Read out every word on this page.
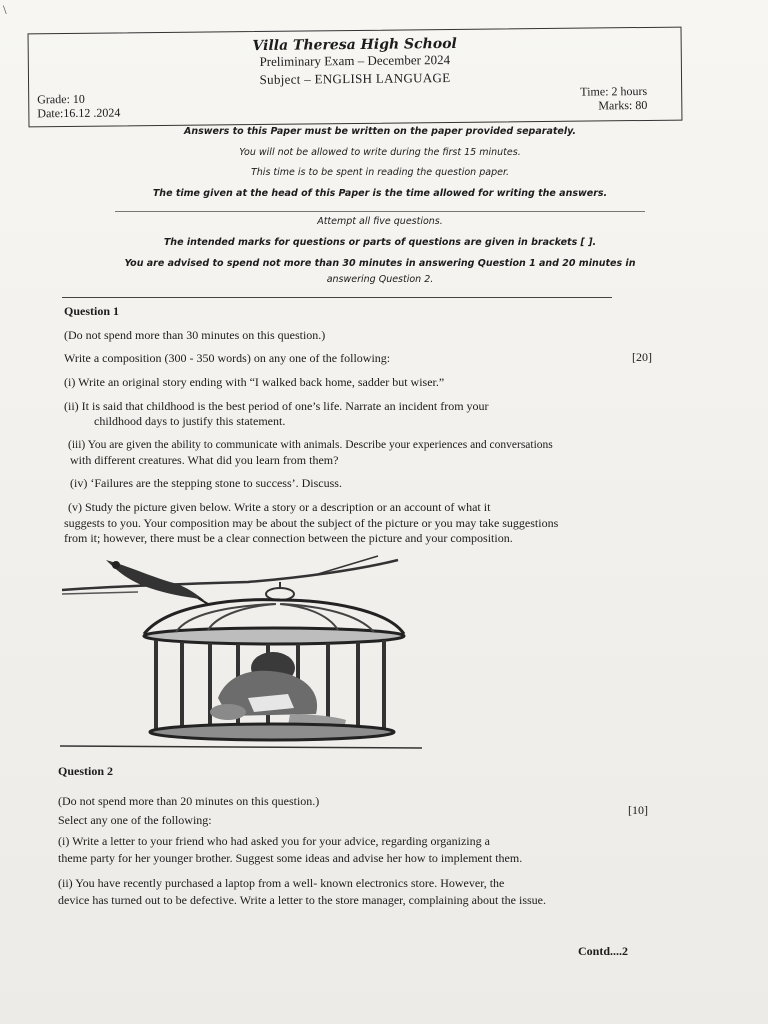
\
Villa Theresa High School
Preliminary Exam – December 2024
Subject – ENGLISH LANGUAGE
Grade: 10
Date:16.12 .2024
Time: 2 hours
Marks: 80
Answers to this Paper must be written on the paper provided separately.
You will not be allowed to write during the first 15 minutes.
This time is to be spent in reading the question paper.
The time given at the head of this Paper is the time allowed for writing the answers.
Attempt all five questions.
The intended marks for questions or parts of questions are given in brackets [ ].
You are advised to spend not more than 30 minutes in answering Question 1 and 20 minutes in
answering Question 2.
Question 1
(Do not spend more than 30 minutes on this question.)
Write a composition (300 - 350 words) on any one of the following:	[20]
(i) Write an original story ending with “I walked back home, sadder but wiser.”
(ii) It is said that childhood is the best period of one’s life. Narrate an incident from your
childhood days to justify this statement.
(iii) You are given the ability to communicate with animals. Describe your experiences and conversations
with different creatures. What did you learn from them?
(iv) ‘Failures are the stepping stone to success’. Discuss.
(v) Study the picture given below. Write a story or a description or an account of what it
suggests to you. Your composition may be about the subject of the picture or you may take suggestions
from it; however, there must be a clear connection between the picture and your composition.
Question 2
(Do not spend more than 20 minutes on this question.)
[10]
Select any one of the following:
(i) Write a letter to your friend who had asked you for your advice, regarding organizing a
theme party for her younger brother. Suggest some ideas and advise her how to implement them.
(ii) You have recently purchased a laptop from a well- known electronics store. However, the
device has turned out to be defective. Write a letter to the store manager, complaining about the issue.
Contd....2
